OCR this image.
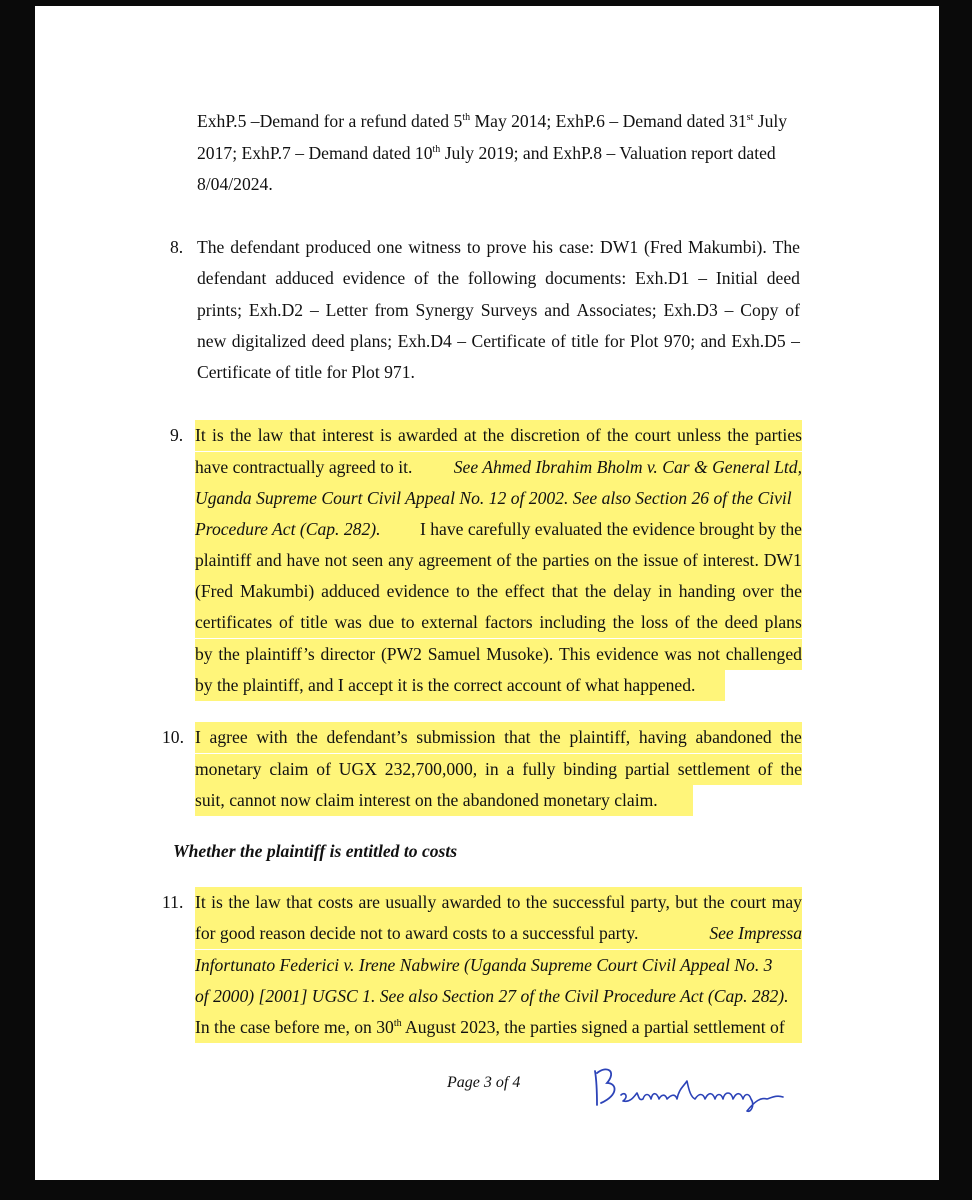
ExhP.5 –Demand for a refund dated 5th May 2014; ExhP.6 – Demand dated 31st July
2017; ExhP.7 – Demand dated 10th July 2019; and ExhP.8 – Valuation report dated
8/04/2024.
8. The defendant produced one witness to prove his case: DW1 (Fred Makumbi). The
defendant adduced evidence of the following documents: Exh.D1 – Initial deed
prints; Exh.D2 – Letter from Synergy Surveys and Associates; Exh.D3 – Copy of
new digitalized deed plans; Exh.D4 – Certificate of title for Plot 970; and Exh.D5 –
Certificate of title for Plot 971.
9. It is the law that interest is awarded at the discretion of the court unless the parties
have contractually agreed to it. See Ahmed Ibrahim Bholm v. Car & General Ltd,
Uganda Supreme Court Civil Appeal No. 12 of 2002. See also Section 26 of the Civil
Procedure Act (Cap. 282). I have carefully evaluated the evidence brought by the
plaintiff and have not seen any agreement of the parties on the issue of interest. DW1
(Fred Makumbi) adduced evidence to the effect that the delay in handing over the
certificates of title was due to external factors including the loss of the deed plans
by the plaintiff’s director (PW2 Samuel Musoke). This evidence was not challenged
by the plaintiff, and I accept it is the correct account of what happened.
10. I agree with the defendant’s submission that the plaintiff, having abandoned the
monetary claim of UGX 232,700,000, in a fully binding partial settlement of the
suit, cannot now claim interest on the abandoned monetary claim.
Whether the plaintiff is entitled to costs
11. It is the law that costs are usually awarded to the successful party, but the court may
for good reason decide not to award costs to a successful party.	See Impressa
Infortunato Federici v. Irene Nabwire (Uganda Supreme Court Civil Appeal No. 3
of 2000) [2001] UGSC 1. See also Section 27 of the Civil Procedure Act (Cap. 282).
In the case before me, on 30th August 2023, the parties signed a partial settlement of
Page 3 of 4
